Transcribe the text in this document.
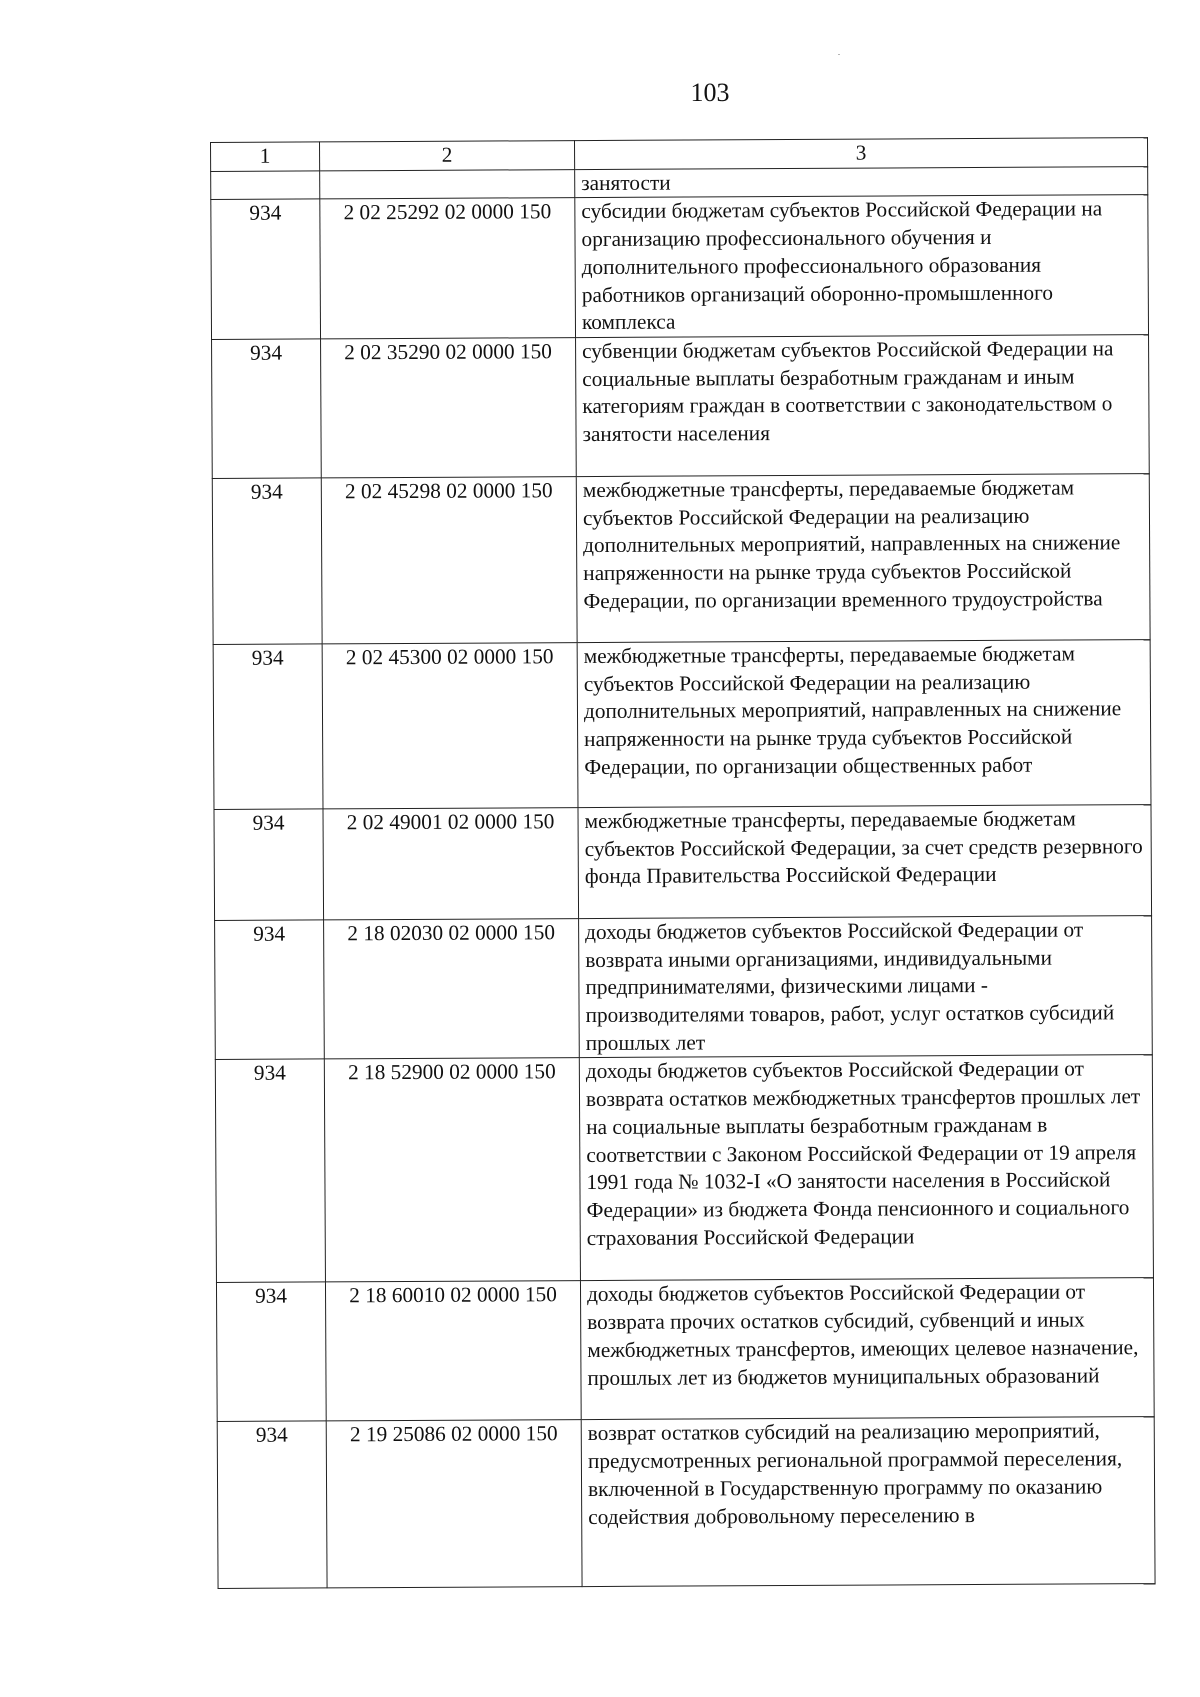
103
1	2	3
		занятости
934	2 02 25292 02 0000 150	субсидии бюджетам субъектов Российской Федерации на организацию профессионального обучения и дополнительного профессионального образования работников организаций оборонно-промышленного комплекса
934	2 02 35290 02 0000 150	субвенции бюджетам субъектов Российской Федерации на социальные выплаты безработным гражданам и иным категориям граждан в соответствии с законодательством о занятости населения
934	2 02 45298 02 0000 150	межбюджетные трансферты, передаваемые бюджетам субъектов Российской Федерации на реализацию дополнительных мероприятий, направленных на снижение напряженности на рынке труда субъектов Российской Федерации, по организации временного трудоустройства
934	2 02 45300 02 0000 150	межбюджетные трансферты, передаваемые бюджетам субъектов Российской Федерации на реализацию дополнительных мероприятий, направленных на снижение напряженности на рынке труда субъектов Российской Федерации, по организации общественных работ
934	2 02 49001 02 0000 150	межбюджетные трансферты, передаваемые бюджетам субъектов Российской Федерации, за счет средств резервного фонда Правительства Российской Федерации
934	2 18 02030 02 0000 150	доходы бюджетов субъектов Российской Федерации от возврата иными организациями, индивидуальными предпринимателями, физическими лицами - производителями товаров, работ, услуг остатков субсидий прошлых лет
934	2 18 52900 02 0000 150	доходы бюджетов субъектов Российской Федерации от возврата остатков межбюджетных трансфертов прошлых лет на социальные выплаты безработным гражданам в соответствии с Законом Российской Федерации от 19 апреля 1991 года № 1032-I «О занятости населения в Российской Федерации» из бюджета Фонда пенсионного и социального страхования Российской Федерации
934	2 18 60010 02 0000 150	доходы бюджетов субъектов Российской Федерации от возврата прочих остатков субсидий, субвенций и иных межбюджетных трансфертов, имеющих целевое назначение, прошлых лет из бюджетов муниципальных образований
934	2 19 25086 02 0000 150	возврат остатков субсидий на реализацию мероприятий, предусмотренных региональной программой переселения, включенной в Государственную программу по оказанию содействия добровольному переселению в
